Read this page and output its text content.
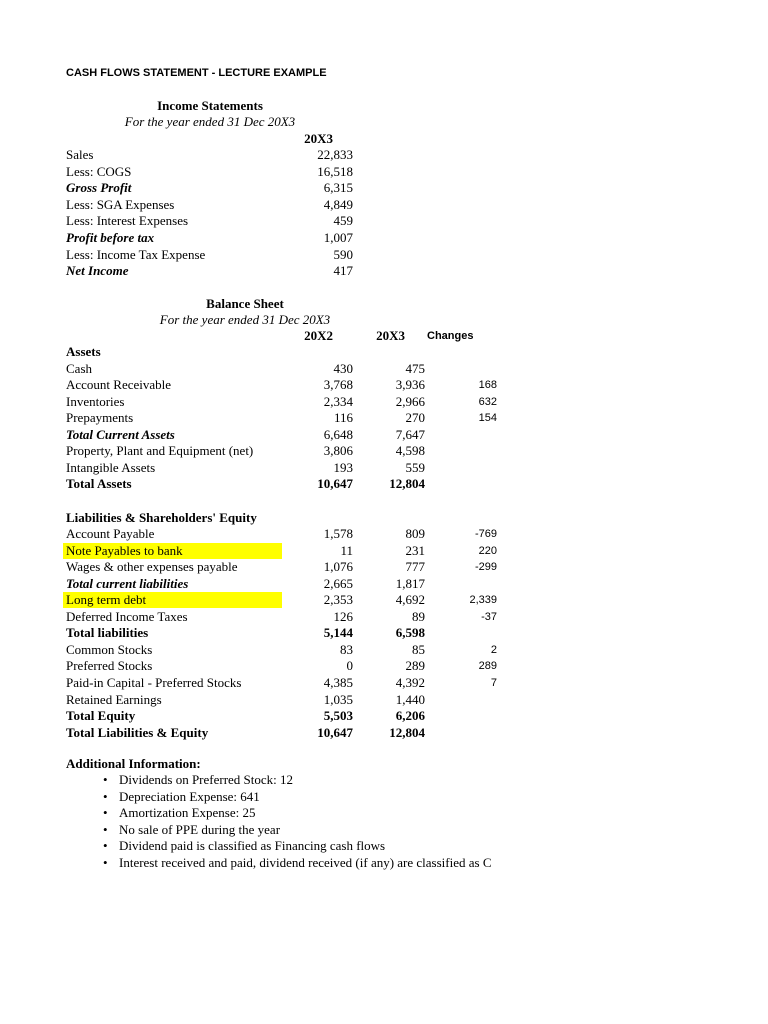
CASH FLOWS STATEMENT - LECTURE EXAMPLE
Income Statements
For the year ended 31 Dec 20X3
20X3
Sales	22,833
Less: COGS	16,518
Gross Profit	6,315
Less: SGA Expenses	4,849
Less: Interest Expenses	459
Profit before tax	1,007
Less: Income Tax Expense	590
Net Income	417
Balance Sheet
For the year ended 31 Dec 20X3
20X2	20X3 Changes
Assets
Cash	430	475
Account Receivable	3,768	3,936	168
Inventories	2,334	2,966	632
Prepayments	116	270	154
Total Current Assets	6,648	7,647
Property, Plant and Equipment (net)	3,806	4,598
Intangible Assets	193	559
Total Assets	10,647	12,804
Liabilities & Shareholders' Equity
Account Payable	1,578	809	-769
Note Payables to bank	11	231	220
Wages & other expenses payable	1,076	777	-299
Total current liabilities	2,665	1,817
Long term debt	2,353	4,692	2,339
Deferred Income Taxes	126	89	-37
Total liabilities	5,144	6,598
Common Stocks	83	85	2
Preferred Stocks	0	289	289
Paid-in Capital - Preferred Stocks	4,385	4,392	7
Retained Earnings	1,035	1,440
Total Equity	5,503	6,206
Total Liabilities & Equity	10,647	12,804
Additional Information:
• Dividends on Preferred Stock: 12
• Depreciation Expense: 641
• Amortization Expense: 25
• No sale of PPE during the year
• Dividend paid is classified as Financing cash flows
• Interest received and paid, dividend received (if any) are classified as C
